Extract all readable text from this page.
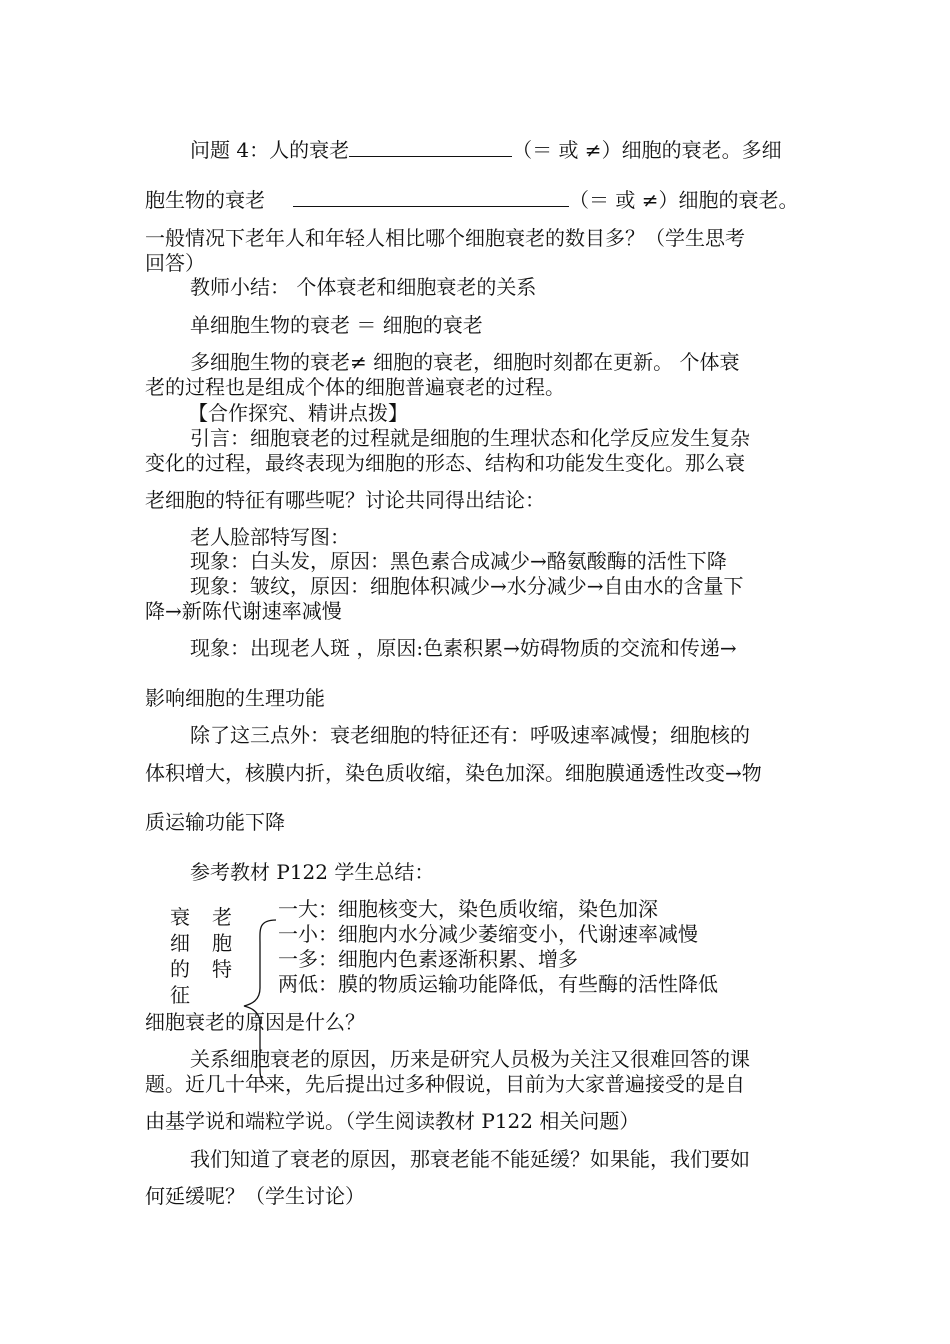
问题 4：人的衰老	（＝ 或 ≠）细胞的衰老。多细
胞生物的衰老	（＝ 或 ≠）细胞的衰老。
一般情况下老年人和年轻人相比哪个细胞衰老的数目多？（学生思考
回答）
教师小结： 个体衰老和细胞衰老的关系
单细胞生物的衰老 ＝ 细胞的衰老
多细胞生物的衰老≠ 细胞的衰老，细胞时刻都在更新。 个体衰
老的过程也是组成个体的细胞普遍衰老的过程。
【合作探究、精讲点拨】
引言：细胞衰老的过程就是细胞的生理状态和化学反应发生复杂
变化的过程，最终表现为细胞的形态、结构和功能发生变化。那么衰
老细胞的特征有哪些呢？讨论共同得出结论：
老人脸部特写图：
现象：白头发，原因：黑色素合成减少→酪氨酸酶的活性下降
现象：皱纹，原因：细胞体积减少→水分减少→自由水的含量下
降→新陈代谢速率减慢
现象：出现老人斑 ，原因:色素积累→妨碍物质的交流和传递→
影响细胞的生理功能
除了这三点外：衰老细胞的特征还有：呼吸速率减慢；细胞核的
体积增大，核膜内折，染色质收缩，染色加深。细胞膜通透性改变→物
质运输功能下降
参考教材 P122 学生总结：
衰 老
细 胞
的 特
征
一大：细胞核变大，染色质收缩，染色加深
一小：细胞内水分减少萎缩变小，代谢速率减慢
一多：细胞内色素逐渐积累、增多
两低：膜的物质运输功能降低，有些酶的活性降低
细胞衰老的原因是什么？
关系细胞衰老的原因，历来是研究人员极为关注又很难回答的课
题。近几十年来，先后提出过多种假说，目前为大家普遍接受的是自
由基学说和端粒学说。（学生阅读教材 P122 相关问题）
我们知道了衰老的原因，那衰老能不能延缓？如果能，我们要如
何延缓呢？（学生讨论）
